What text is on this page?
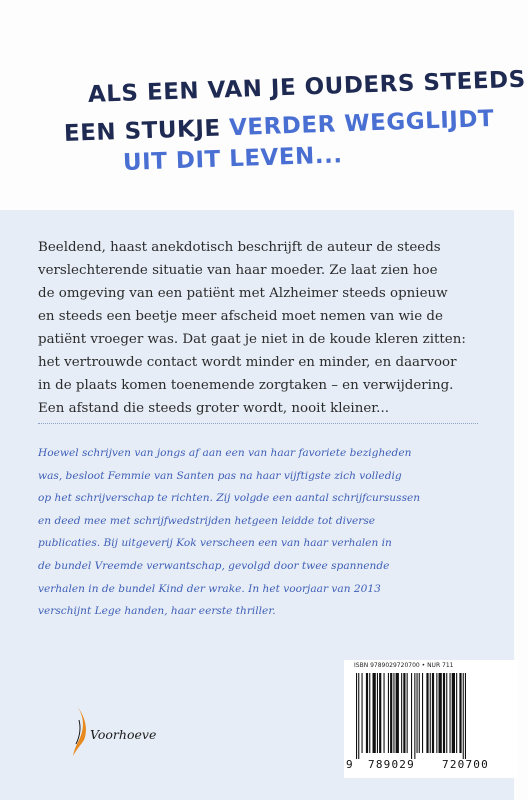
ALS EEN VAN JE OUDERS STEEDS
EEN STUKJE VERDER WEGGLIJDT
UIT DIT LEVEN...

Beeldend, haast anekdotisch beschrijft de auteur de steeds
verslechterende situatie van haar moeder. Ze laat zien hoe
de omgeving van een patiënt met Alzheimer steeds opnieuw
en steeds een beetje meer afscheid moet nemen van wie de
patiënt vroeger was. Dat gaat je niet in de koude kleren zitten:
het vertrouwde contact wordt minder en minder, en daarvoor
in de plaats komen toenemende zorgtaken – en verwijdering.
Een afstand die steeds groter wordt, nooit kleiner...

Hoewel schrijven van jongs af aan een van haar favoriete bezigheden
was, besloot Femmie van Santen pas na haar vijftigste zich volledig
op het schrijverschap te richten. Zij volgde een aantal schrijfcursussen
en deed mee met schrijfwedstrijden hetgeen leidde tot diverse
publicaties. Bij uitgeverij Kok verscheen een van haar verhalen in
de bundel Vreemde verwantschap, gevolgd door twee spannende
verhalen in de bundel Kind der wrake. In het voorjaar van 2013
verschijnt Lege handen, haar eerste thriller.

Voorhoeve
ISBN 9789029720700 • NUR 711
9 789029 720700
